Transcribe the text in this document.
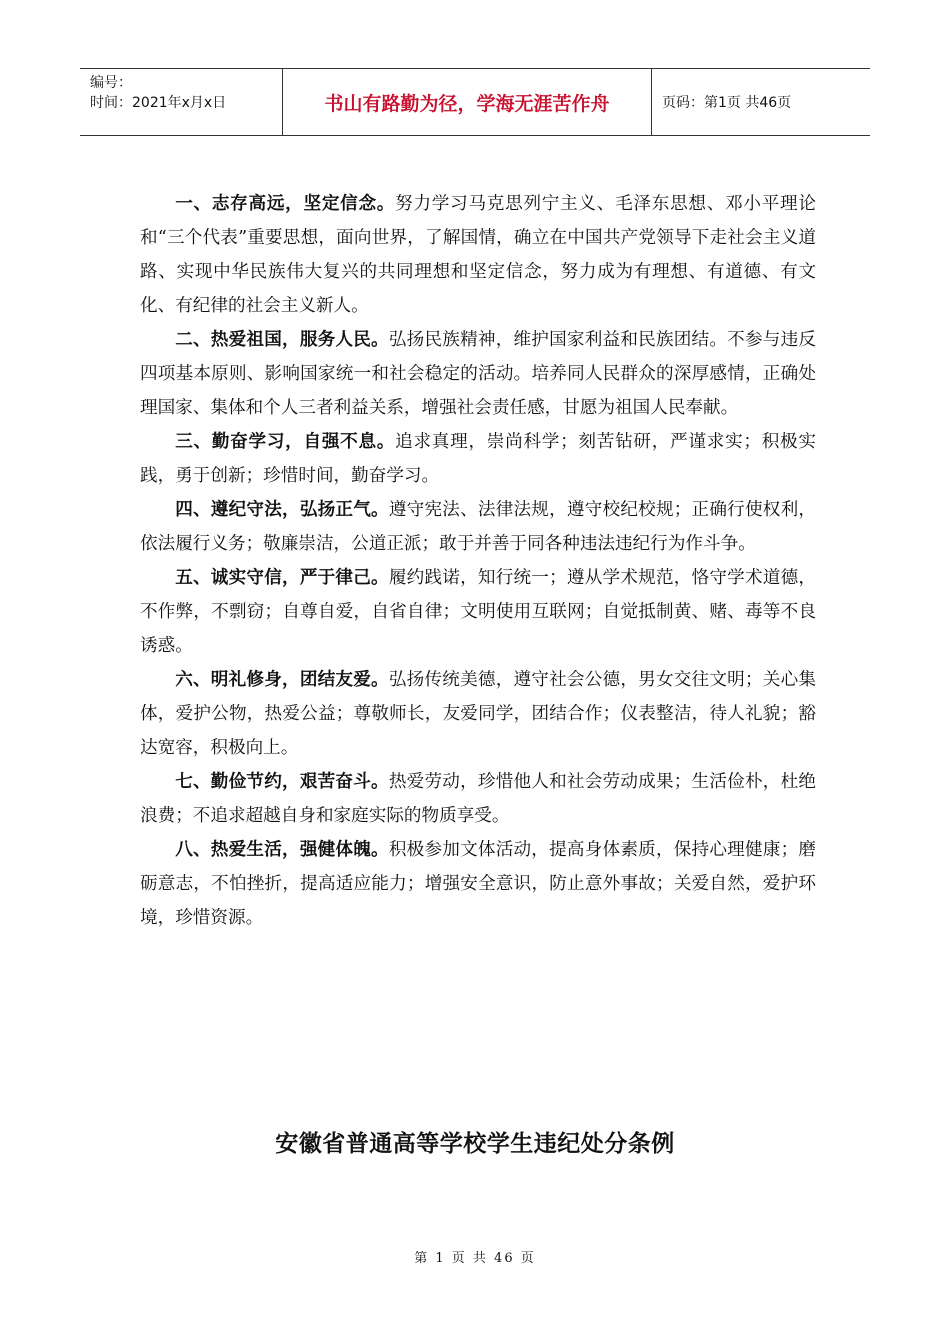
编号：
时间：2021年x月x日	书山有路勤为径，学海无涯苦作舟	页码：第1页 共46页

一、志存高远，坚定信念。努力学习马克思列宁主义、毛泽东思想、邓小平理论和“三个代表”重要思想，面向世界，了解国情，确立在中国共产党领导下走社会主义道路、实现中华民族伟大复兴的共同理想和坚定信念，努力成为有理想、有道德、有文化、有纪律的社会主义新人。

二、热爱祖国，服务人民。弘扬民族精神，维护国家利益和民族团结。不参与违反四项基本原则、影响国家统一和社会稳定的活动。培养同人民群众的深厚感情，正确处理国家、集体和个人三者利益关系，增强社会责任感，甘愿为祖国人民奉献。

三、勤奋学习，自强不息。追求真理，崇尚科学；刻苦钻研，严谨求实；积极实践，勇于创新；珍惜时间，勤奋学习。

四、遵纪守法，弘扬正气。遵守宪法、法律法规，遵守校纪校规；正确行使权利，依法履行义务；敬廉崇洁，公道正派；敢于并善于同各种违法违纪行为作斗争。

五、诚实守信，严于律己。履约践诺，知行统一；遵从学术规范，恪守学术道德，不作弊，不剽窃；自尊自爱，自省自律；文明使用互联网；自觉抵制黄、赌、毒等不良诱惑。

六、明礼修身，团结友爱。弘扬传统美德，遵守社会公德，男女交往文明；关心集体，爱护公物，热爱公益；尊敬师长，友爱同学，团结合作；仪表整洁，待人礼貌；豁达宽容，积极向上。

七、勤俭节约，艰苦奋斗。热爱劳动，珍惜他人和社会劳动成果；生活俭朴，杜绝浪费；不追求超越自身和家庭实际的物质享受。

八、热爱生活，强健体魄。积极参加文体活动，提高身体素质，保持心理健康；磨砺意志，不怕挫折，提高适应能力；增强安全意识，防止意外事故；关爱自然，爱护环境，珍惜资源。

安徽省普通高等学校学生违纪处分条例
第 1 页 共 46 页
